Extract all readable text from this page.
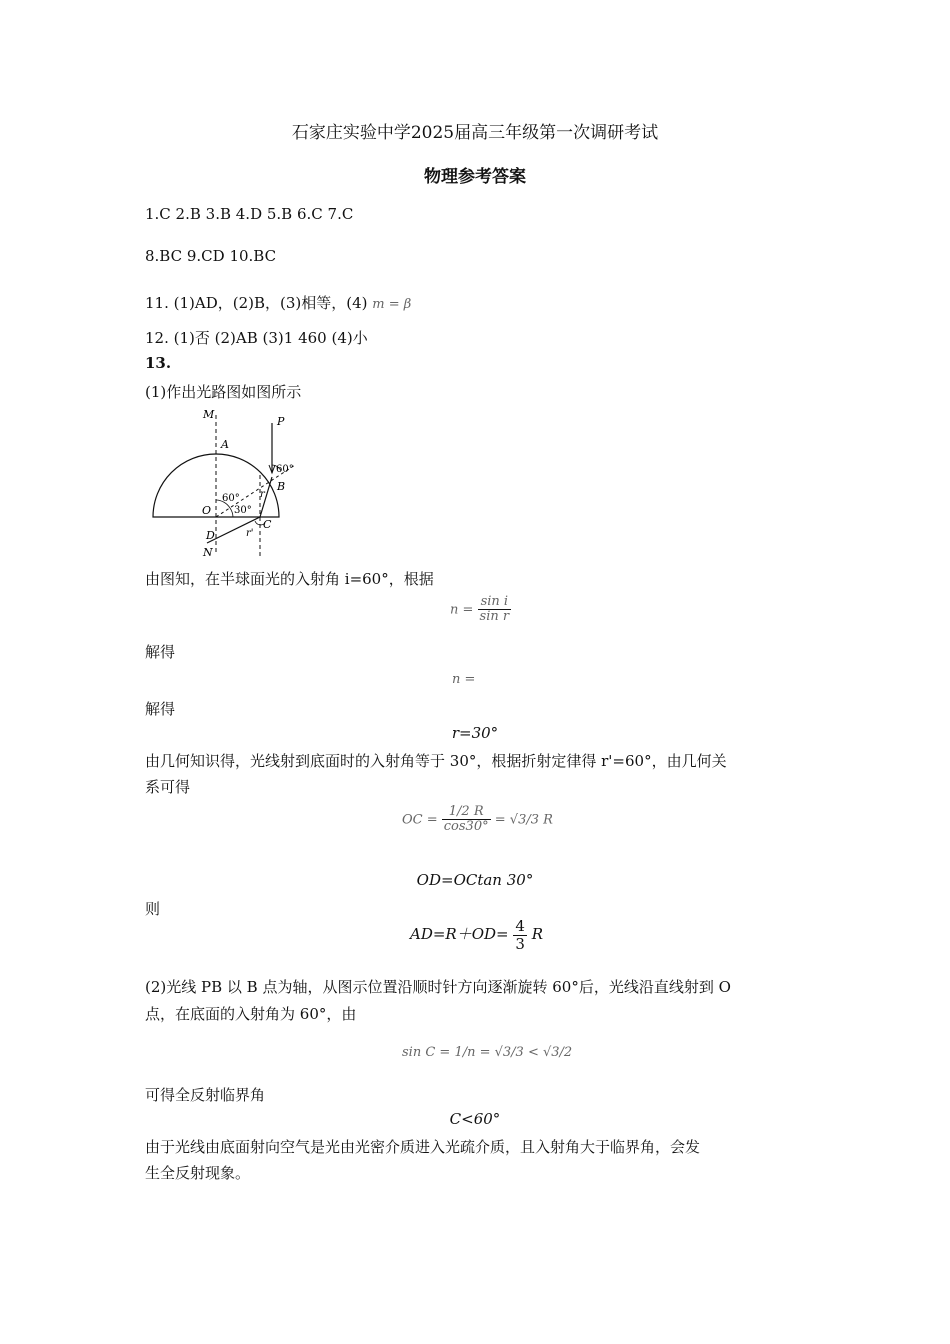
石家庄实验中学2025届高三年级第一次调研考试
物理参考答案
1.C 2.B 3.B 4.D 5.B 6.C 7.C
8.BC 9.CD 10.BC
11. (1)AD，(2)B，(3)相等，(4) m = β
12. (1)否 (2)AB (3)1 460 (4)小
13.
(1)作出光路图如图所示
M
P
A
B
O
C
D
N
r
r'
60°
30°
60°
由图知，在半球面光的入射角 i=60°，根据
$n = \frac{\text{sin i}}{\text{sin r}}$
解得
n =
解得
r=30°
由几何知识得，光线射到底面时的入射角等于 30°，根据折射定律得 r'=60°，由几何关
系可得
OC = $\frac{1/2 R}{\cos 30^\circ} = √3/3$ R
OD=OCtan 30°
则
$AD=R+OD= \frac{4}{3}$ R
(2)光线 PB 以 B 点为轴，从图示位置沿顺时针方向逐渐旋转 60°后，光线沿直线射到 O
点，在底面的入射角为 60°，由
sin C = 1/n = √3/3 < √3/2
可得全反射临界角
C<60°
由于光线由底面射向空气是光由光密介质进入光疏介质，且入射角大于临界角，会发
生全反射现象。
